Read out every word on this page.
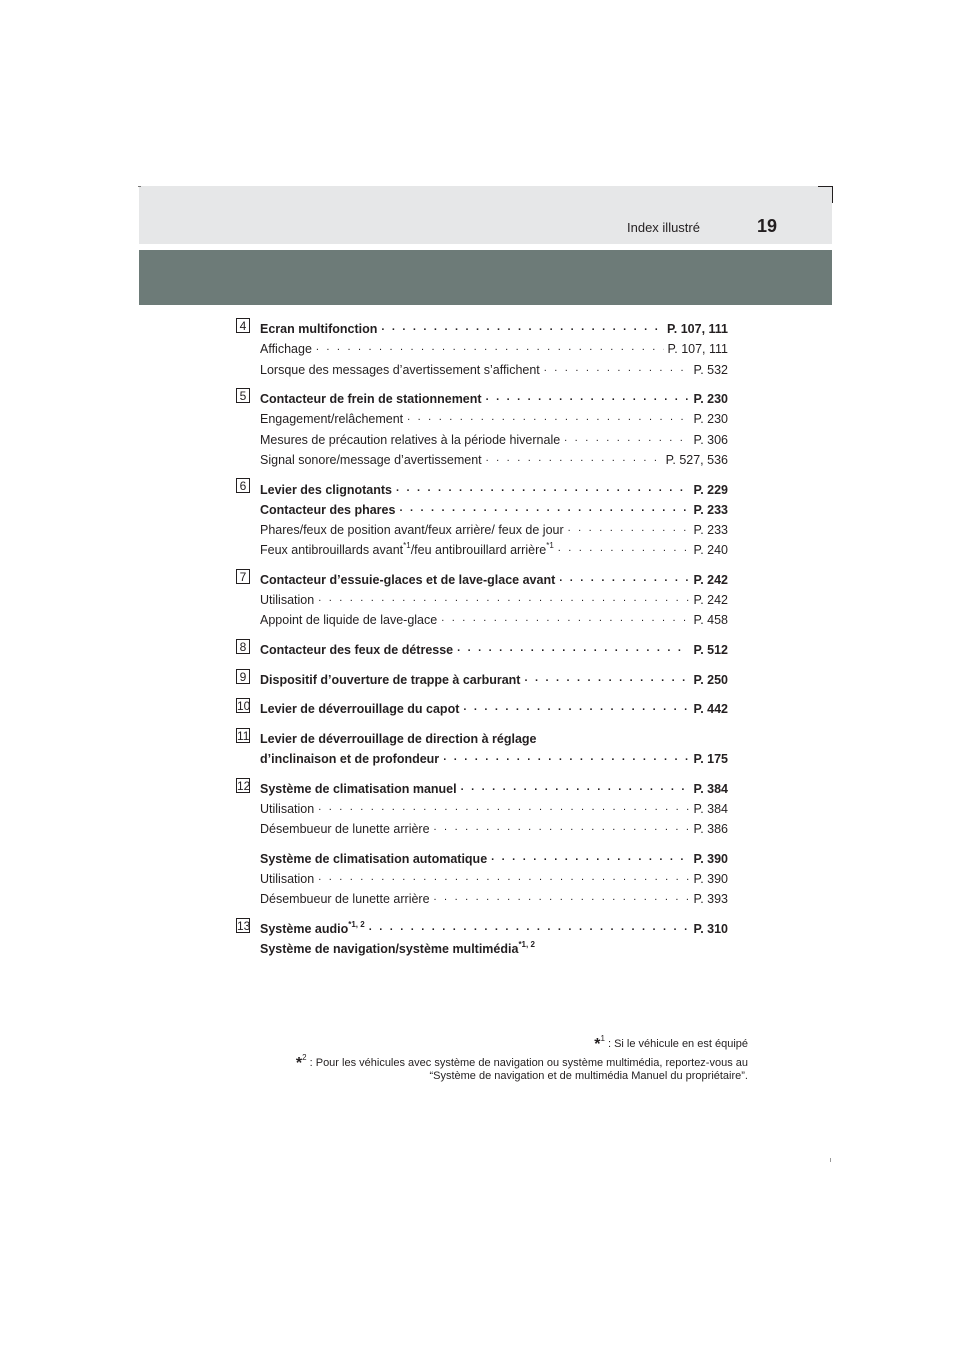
Index illustré	19
4 Ecran multifonction . . .	P. 107, 111
Affichage . . .	P. 107, 111
Lorsque des messages d’avertissement s’affichent . . .	P. 532
5 Contacteur de frein de stationnement . . .	P. 230
Engagement/relâchement . . .	P. 230
Mesures de précaution relatives à la période hivernale . . .	P. 306
Signal sonore/message d’avertissement . . .	P. 527, 536
6 Levier des clignotants . . .	P. 229
Contacteur des phares . . .	P. 233
Phares/feux de position avant/feux arrière/ feux de jour . . .	P. 233
Feux antibrouillards avant$^{*1}$/feu antibrouillard arrière$^{*1}$ . . .	P. 240
7 Contacteur d’essuie-glaces et de lave-glace avant . . .	P. 242
Utilisation . . .	P. 242
Appoint de liquide de lave-glace . . .	P. 458
8 Contacteur des feux de détresse . . .	P. 512
9 Dispositif d’ouverture de trappe à carburant . . .	P. 250
10 Levier de déverrouillage du capot . . .	P. 442
11 Levier de déverrouillage de direction à réglage
d’inclinaison et de profondeur . . .	P. 175
12 Système de climatisation manuel . . .	P. 384
Utilisation . . .	P. 384
Désembueur de lunette arrière . . .	P. 386
Système de climatisation automatique . . .	P. 390
Utilisation . . .	P. 390
Désembueur de lunette arrière . . .	P. 393
13 Système audio$^{*1, 2}$ . . .	P. 310
Système de navigation/système multimédia$^{*1, 2}$
*$^1$ : Si le véhicule en est équipé
*$^2$ : Pour les véhicules avec système de navigation ou système multimédia, reportez-vous au
“Système de navigation et de multimédia Manuel du propriétaire”.
